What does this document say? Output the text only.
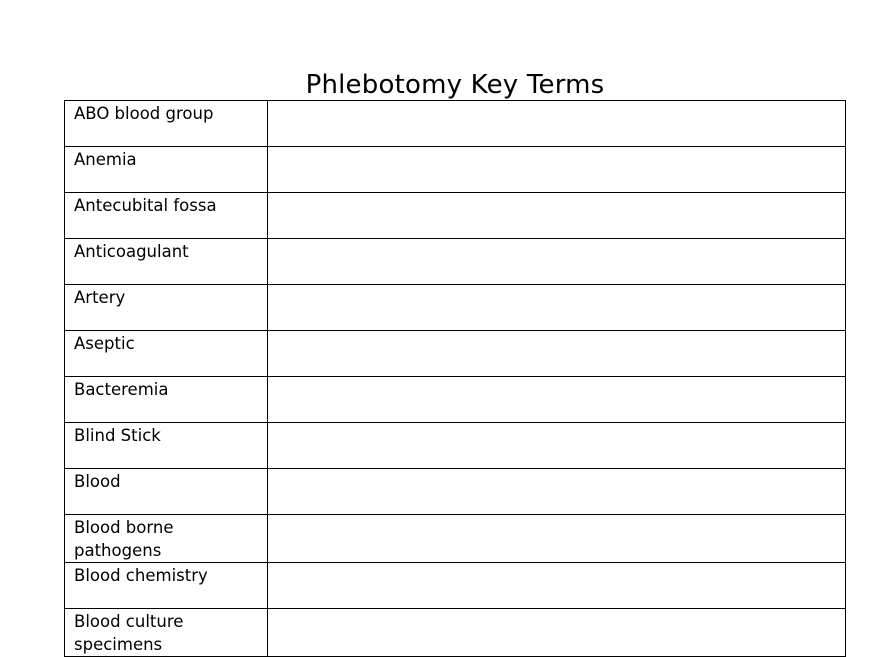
Phlebotomy Key Terms
ABO blood group	
Anemia	
Antecubital fossa	
Anticoagulant	
Artery	
Aseptic	
Bacteremia	
Blind Stick	
Blood	
Blood borne pathogens	
Blood chemistry	
Blood culture specimens	
